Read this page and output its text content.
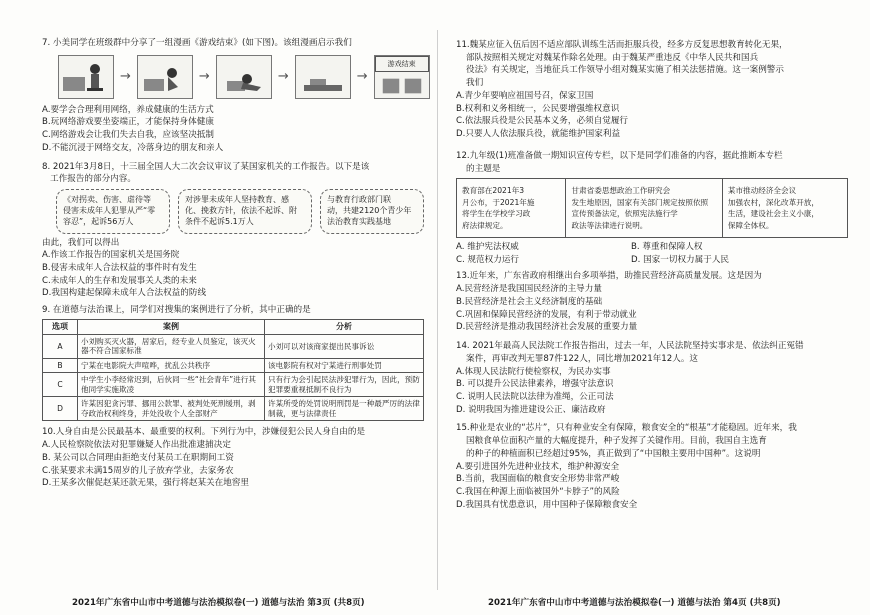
7. 小美同学在班级群中分享了一组漫画《游戏结束》(如下图)。该组漫画启示我们

→	→	→	→
游戏结束

A.要学会合理利用网络，养成健康的生活方式

B.玩网络游戏要坐姿端正，才能保持身体健康

C.网络游戏会让我们失去自我，应该坚决抵制

D.不能沉浸于网络交友，冷落身边的朋友和亲人

8. 2021年3月8日，十三届全国人大二次会议审议了某国家机关的工作报告。以下是该

工作报告的部分内容。

《对拐卖、伤害、虐待等
侵害未成年人犯罪从严“零
容忍”，起诉56万人
对涉罪未成年人坚持教育、感
化、挽救方针，依法不起诉、附
条件不起诉5.1万人
与教育行政部门联
动，共建2120个青少年
法治教育实践基地

由此，我们可以得出

A.作该工作报告的国家机关是国务院

B.侵害未成年人合法权益的事件时有发生

C.未成年人的生存和发展事关人类的未来

D.我国构建起保障未成年人合法权益的防线

9. 在道德与法治课上，同学们对搜集的案例进行了分析，其中正确的是

选项	案例	分析
A	小刘购买灭火器，居家后，经专业人员鉴定，该灭火器不符合国家标准	小刘可以对该商家提出民事诉讼
B	宁某在电影院大声喧哗，扰乱公共秩序	该电影院有权对宁某进行刑事处罚
C	中学生小李经常迟到，后伙同一些“社会青年”进行其他同学实施欺凌	只有行为会引起民法涉犯罪行为，因此，预防犯罪要重视抵制不良行为
D	许某因犯贪污罪、挪用公款罪、被判处死刑缓刑，剥夺政治权利终身，并处没收个人全部财产	许某所受的处罚说明刑罚是一种最严厉的法律制裁，更与法律责任

10.人身自由是公民最基本、最重要的权利。下列行为中，涉嫌侵犯公民人身自由的是

A.人民检察院依法对犯罪嫌疑人作出批准逮捕决定

B. 某公司以合同理由拒绝支付某员工在职期间工资

C.张某要求未满15周岁的儿子放弃学业，去家务农

D.王某多次催促赵某还款无果，强行将赵某关在地窖里

2021年广东省中山市中考道德与法治模拟卷(一) 道德与法治 第3页 (共8页)

11.魏某应征入伍后因不适应部队训练生活而拒服兵役，经多方反复思想教育转化无果，

部队按照相关规定对魏某作除名处理。由于魏某严重违反《中华人民共和国兵

役法》有关规定，当地征兵工作领导小组对魏某实施了相关法惩措施。这一案例警示

我们

A.青少年要响应祖国号召，保家卫国

B.权利和义务相统一，公民要增强维权意识

C.依法服兵役是公民基本义务，必须自觉履行

D.只要人人依法服兵役，就能维护国家利益

12.九年级(1)班准备做一期知识宣传专栏，以下是同学们准备的内容，据此推断本专栏

的主题是

教育部在2021年3
月公布，于2021年施
将学生在学校学习政
府法律规定。

甘肃省委思想政治工作研究会
发生地原因，国家有关部门规定按照依照
宣传预备法定，依照宪法施行学
政法等法律进行说明。

某市推动经济全会议
加强农村，深化改革开放，
生活，建设社会主义小康，
保障全体权。

A. 维护宪法权威	B. 尊重和保障人权

C. 规范权力运行	D. 国家一切权力属于人民

13.近年来，广东省政府相继出台多项举措，助推民营经济高质量发展。这是因为

A.民营经济是我国国民经济的主导力量

B.民营经济是社会主义经济制度的基础

C.巩固和保障民营经济的发展，有利于带动就业

D.民营经济是推动我国经济社会发展的重要力量

14. 2021年最高人民法院工作报告指出，过去一年，人民法院坚持实事求是、依法纠正冤错

案件，再审改判无罪87件122人，同比增加2021年12人。这

A.体现人民法院行使检察权，为民办实事

B. 可以提升公民法律素养，增强守法意识

C. 说明人民法院以法律为准绳，公正司法

D. 说明我国为推进建设公正、廉洁政府

15.种业是农业的“芯片”，只有种业安全有保障，粮食安全的“根基”才能稳固。近年来，我

国粮食单位面积产量的大幅度提升，种子发挥了关键作用。目前，我国自主选育

的种子的种植面积已经超过95%，真正做到了“中国粮主要用中国种”。这说明

A.要引进国外先进种业技术，维护种源安全

B.当前，我国面临的粮食安全形势非常严峻

C.我国在种源上面临被国外“卡脖子”的风险

D.我国具有忧患意识，用中国种子保障粮食安全

2021年广东省中山市中考道德与法治模拟卷(一) 道德与法治 第4页 (共8页)
